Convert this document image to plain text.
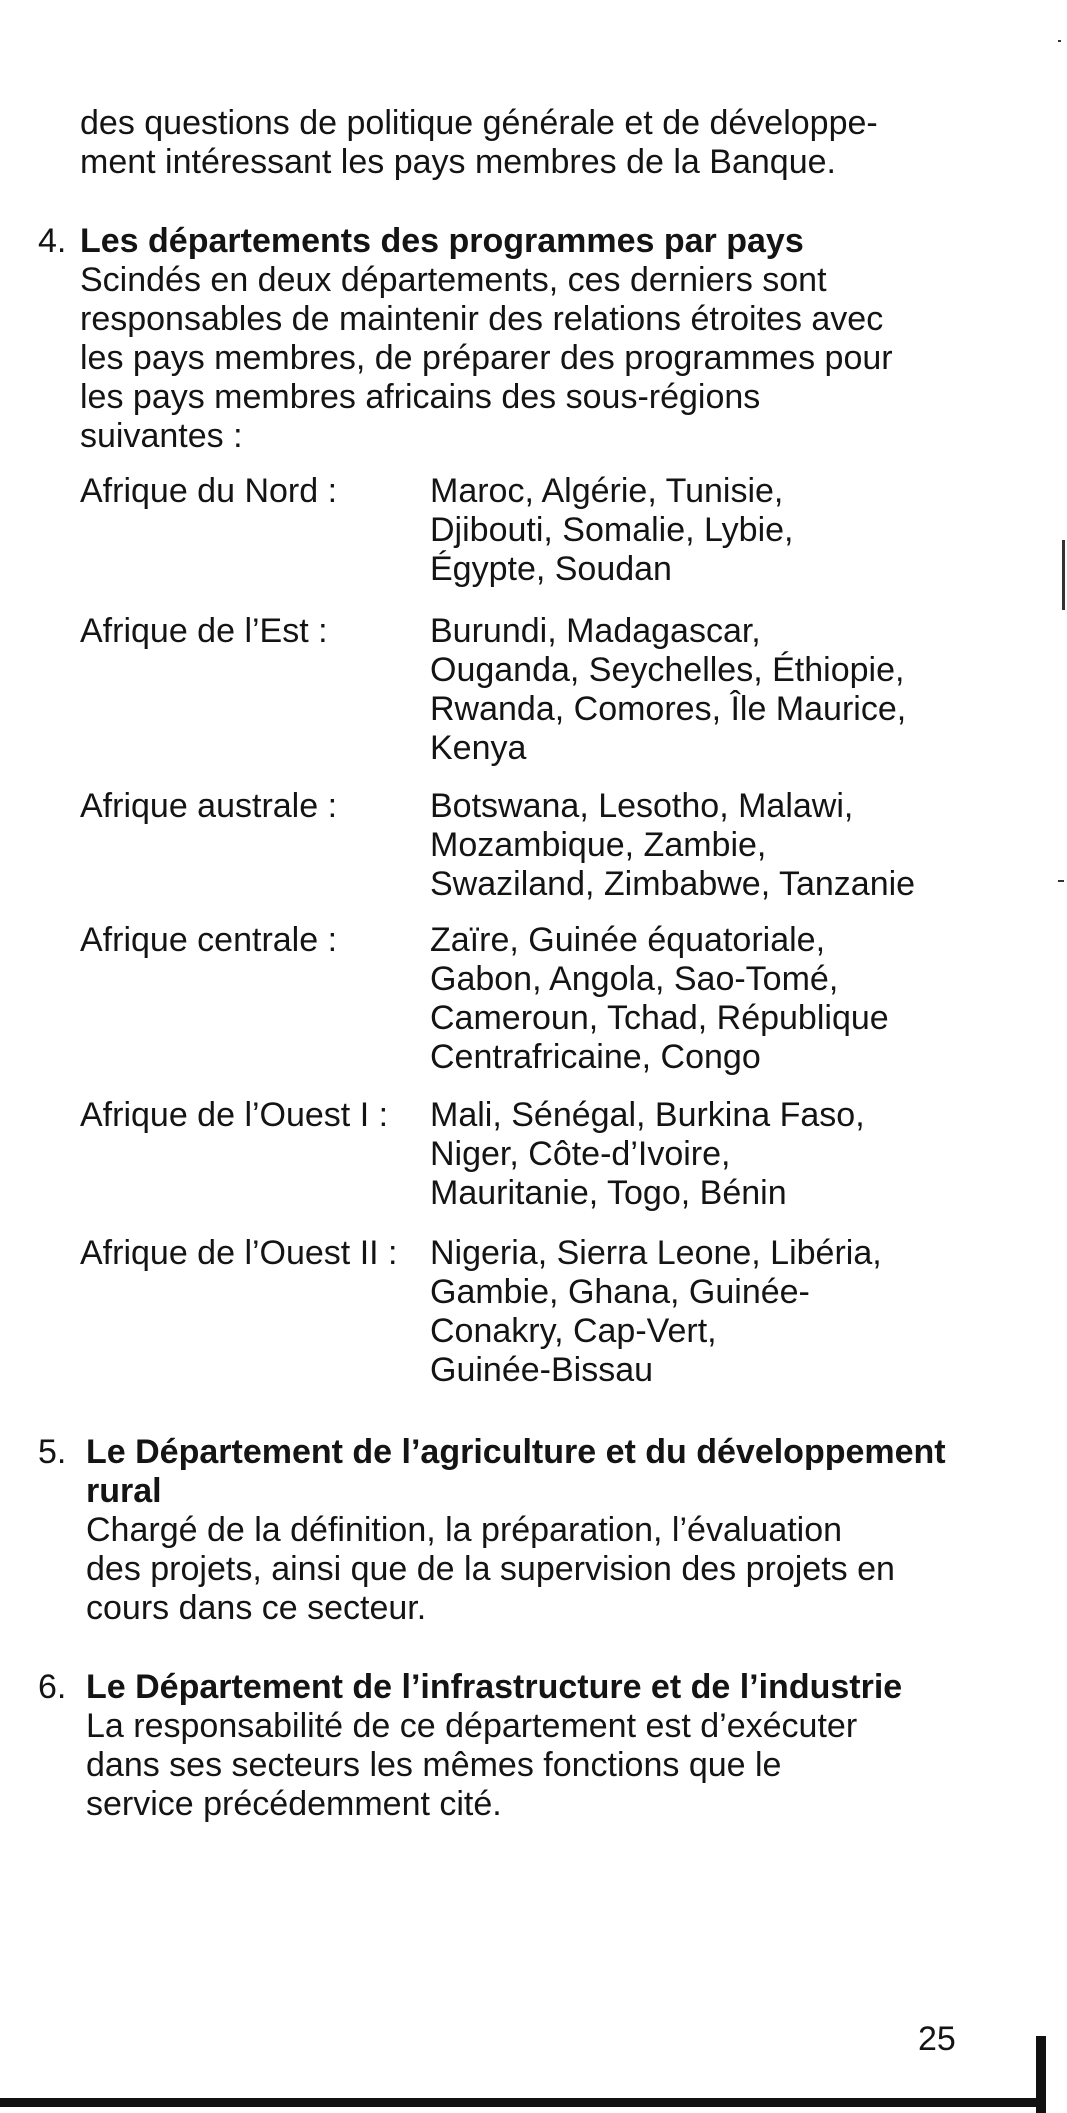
des questions de politique générale et de développe-
ment intéressant les pays membres de la Banque.
4. Les départements des programmes par pays
Scindés en deux départements, ces derniers sont
responsables de maintenir des relations étroites avec
les pays membres, de préparer des programmes pour
les pays membres africains des sous-régions
suivantes :
Afrique du Nord :	Maroc, Algérie, Tunisie,
Djibouti, Somalie, Lybie,
Égypte, Soudan
Afrique de l’Est :	Burundi, Madagascar,
Ouganda, Seychelles, Éthiopie,
Rwanda, Comores, Île Maurice,
Kenya
Afrique australe :	Botswana, Lesotho, Malawi,
Mozambique, Zambie,
Swaziland, Zimbabwe, Tanzanie
Afrique centrale :	Zaïre, Guinée équatoriale,
Gabon, Angola, Sao-Tomé,
Cameroun, Tchad, République
Centrafricaine, Congo
Afrique de l’Ouest I : Mali, Sénégal, Burkina Faso,
Niger, Côte-d’Ivoire,
Mauritanie, Togo, Bénin
Afrique de l’Ouest II : Nigeria, Sierra Leone, Libéria,
Gambie, Ghana, Guinée-
Conakry, Cap-Vert,
Guinée-Bissau
5. Le Département de l’agriculture et du développement
rural
Chargé de la définition, la préparation, l’évaluation
des projets, ainsi que de la supervision des projets en
cours dans ce secteur.
6. Le Département de l’infrastructure et de l’industrie
La responsabilité de ce département est d’exécuter
dans ses secteurs les mêmes fonctions que le
service précédemment cité.
25
